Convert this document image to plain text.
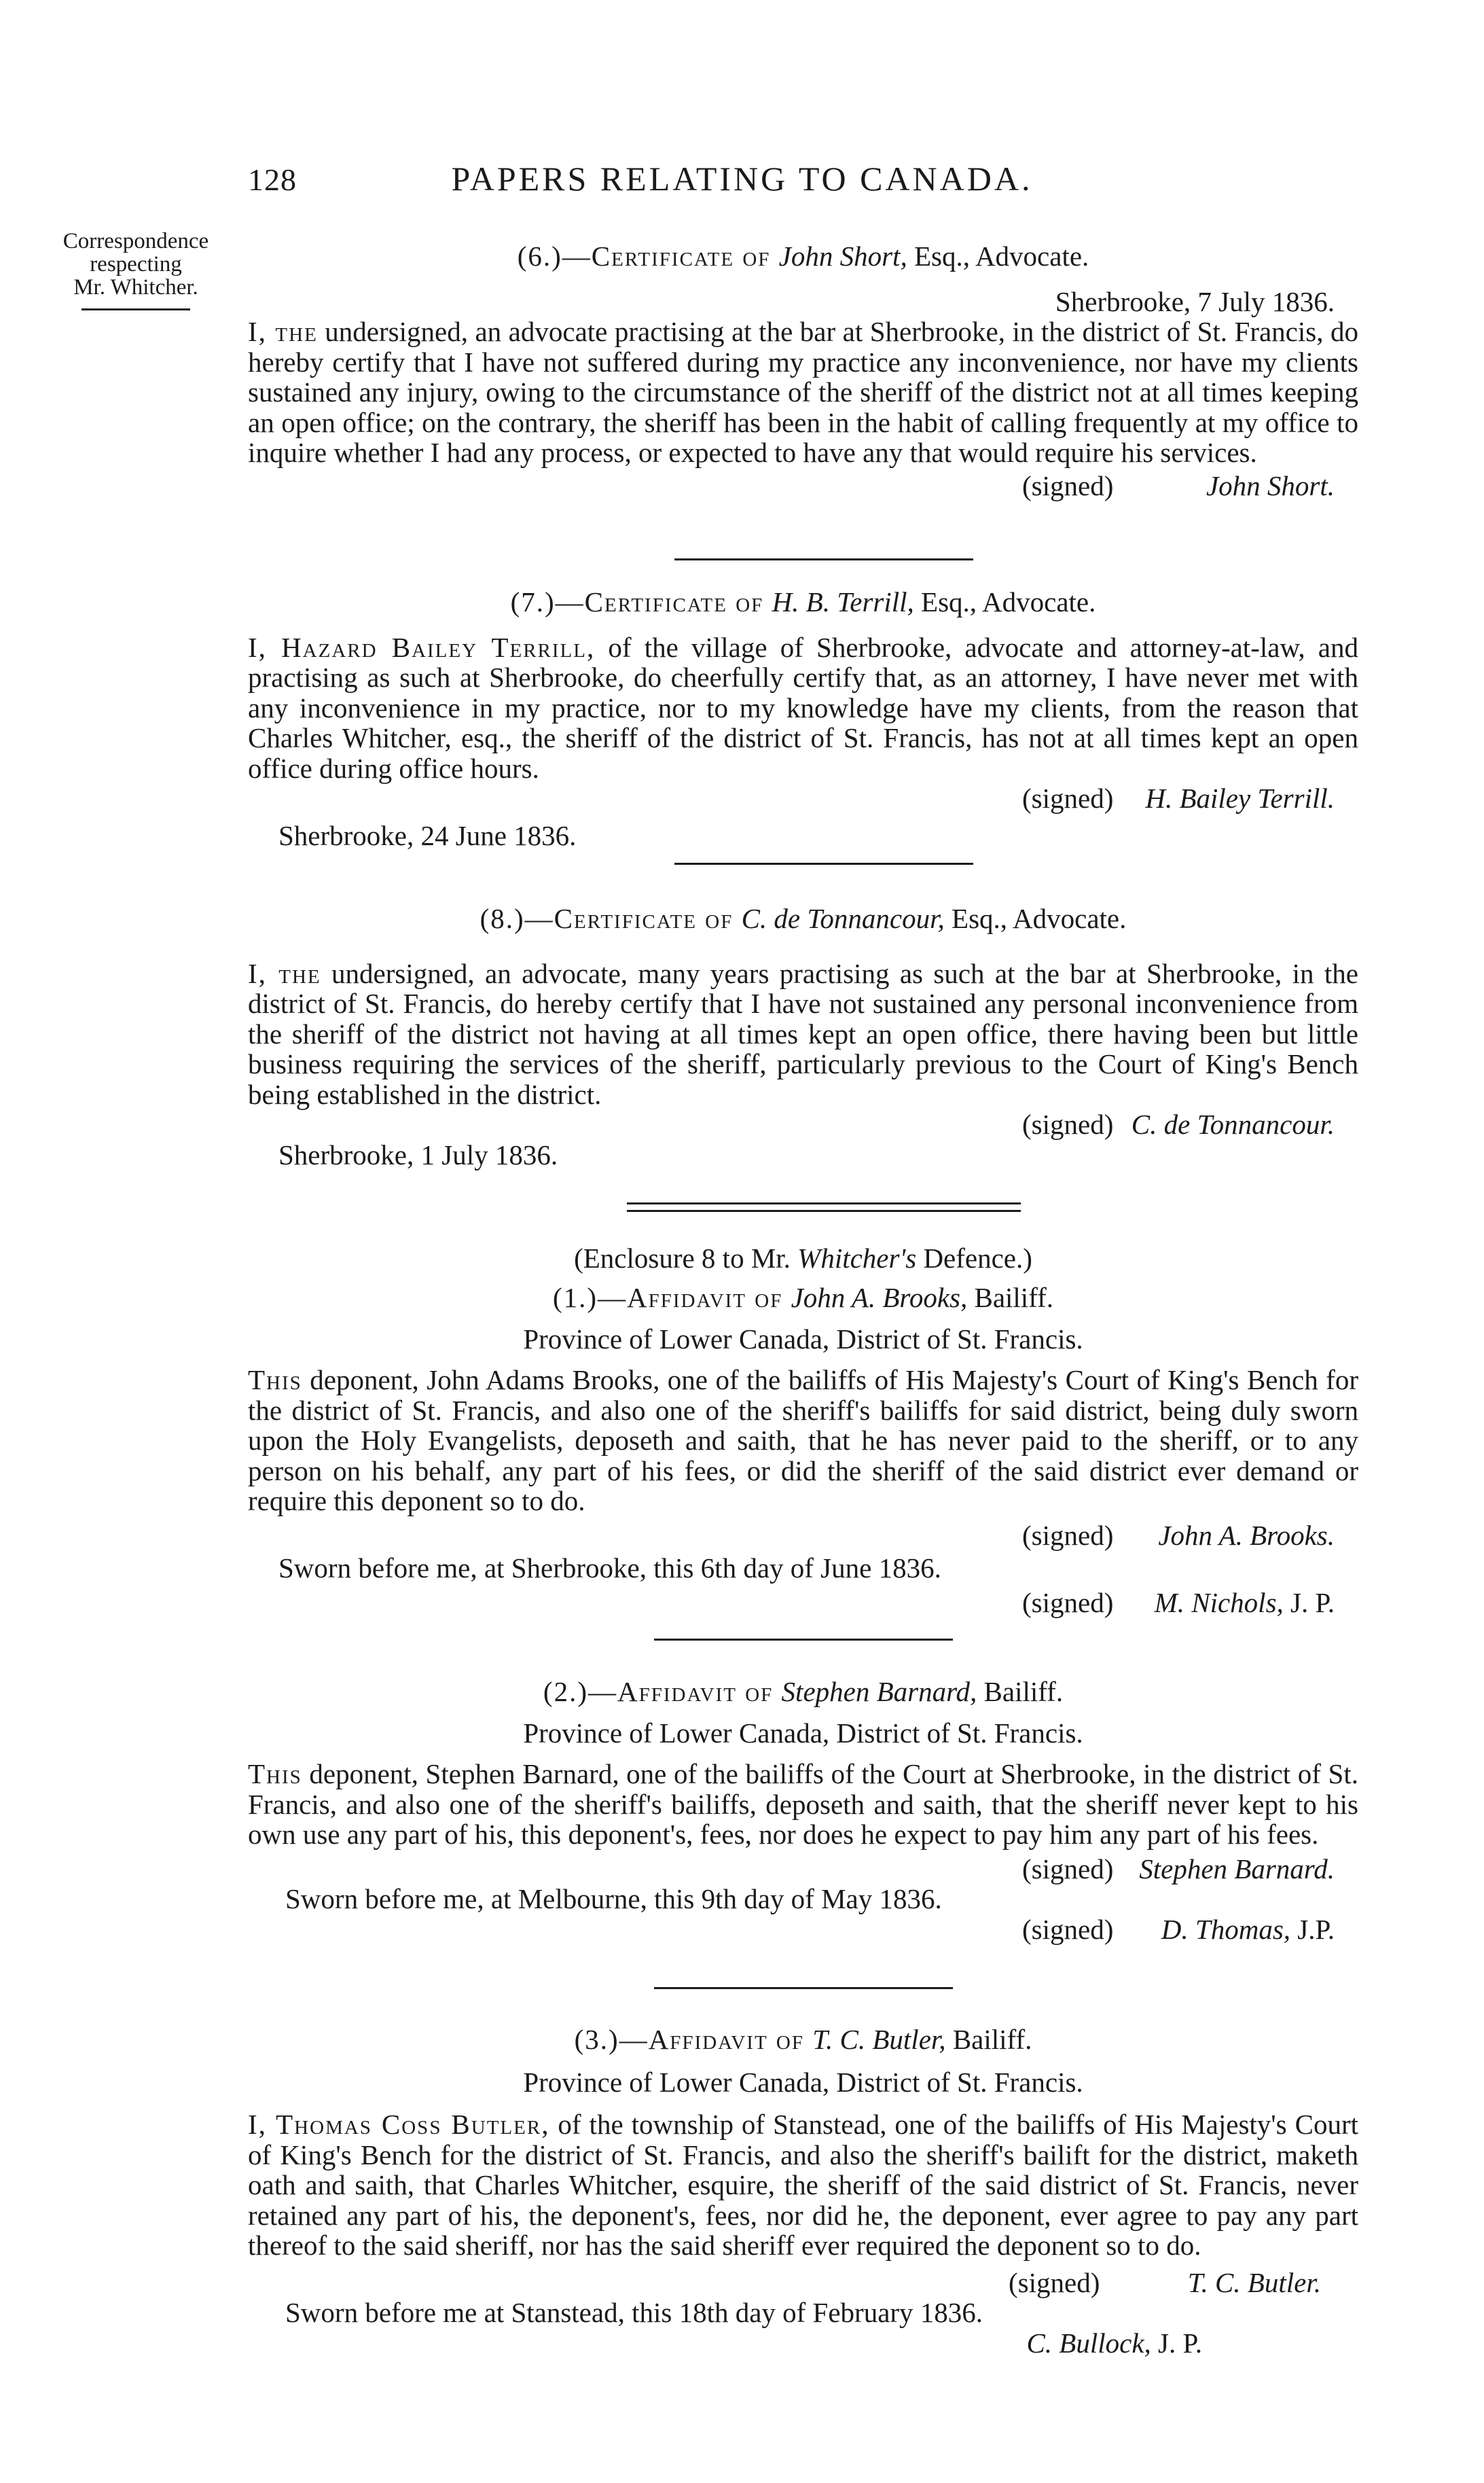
128	PAPERS RELATING TO CANADA.
Correspondence
respecting
Mr. Whitcher.
(6.)—Certificate of John Short, Esq., Advocate.
Sherbrooke, 7 July 1836.

I, the undersigned, an advocate practising at the bar at Sherbrooke, in the district of St. Francis, do hereby certify that I have not suffered during my practice any inconvenience, nor have my clients sustained any injury, owing to the circumstance of the sheriff of the district not at all times keeping an open office; on the contrary, the sheriff has been in the habit of calling frequently at my office to inquire whether I had any process, or expected to have any that would require his services.

(signed)	John Short.
(7.)—Certificate of H. B. Terrill, Esq., Advocate.

I, Hazard Bailey Terrill, of the village of Sherbrooke, advocate and attorney-at-law, and practising as such at Sherbrooke, do cheerfully certify that, as an attorney, I have never met with any inconvenience in my practice, nor to my knowledge have my clients, from the reason that Charles Whitcher, esq., the sheriff of the district of St. Francis, has not at all times kept an open office during office hours.

(signed) H. Bailey Terrill.
Sherbrooke, 24 June 1836.
(8.)—Certificate of C. de Tonnancour, Esq., Advocate.

I, the undersigned, an advocate, many years practising as such at the bar at Sherbrooke, in the district of St. Francis, do hereby certify that I have not sustained any personal inconvenience from the sheriff of the district not having at all times kept an open office, there having been but little business requiring the services of the sheriff, particularly previous to the Court of King's Bench being established in the district.

(signed) C. de Tonnancour.
Sherbrooke, 1 July 1836.
(Enclosure 8 to Mr. Whitcher's Defence.)
(1.)—Affidavit of John A. Brooks, Bailiff.
Province of Lower Canada, District of St. Francis.

This deponent, John Adams Brooks, one of the bailiffs of His Majesty's Court of King's Bench for the district of St. Francis, and also one of the sheriff's bailiffs for said district, being duly sworn upon the Holy Evangelists, deposeth and saith, that he has never paid to the sheriff, or to any person on his behalf, any part of his fees, or did the sheriff of the said district ever demand or require this deponent so to do.

(signed) John A. Brooks.
Sworn before me, at Sherbrooke, this 6th day of June 1836.
(signed) M. Nichols, J. P.
(2.)—Affidavit of Stephen Barnard, Bailiff.
Province of Lower Canada, District of St. Francis.

This deponent, Stephen Barnard, one of the bailiffs of the Court at Sherbrooke, in the district of St. Francis, and also one of the sheriff's bailiffs, deposeth and saith, that the sheriff never kept to his own use any part of his, this deponent's, fees, nor does he expect to pay him any part of his fees.

(signed) Stephen Barnard.
Sworn before me, at Melbourne, this 9th day of May 1836.
(signed) D. Thomas, J.P.
(3.)—Affidavit of T. C. Butler, Bailiff.
Province of Lower Canada, District of St. Francis.

I, Thomas Coss Butler, of the township of Stanstead, one of the bailiffs of His Majesty's Court of King's Bench for the district of St. Francis, and also the sheriff's bailift for the district, maketh oath and saith, that Charles Whitcher, esquire, the sheriff of the said district of St. Francis, never retained any part of his, the deponent's, fees, nor did he, the deponent, ever agree to pay any part thereof to the said sheriff, nor has the said sheriff ever required the deponent so to do.

(signed)	T. C. Butler.
Sworn before me at Stanstead, this 18th day of February 1836.
C. Bullock, J. P.
